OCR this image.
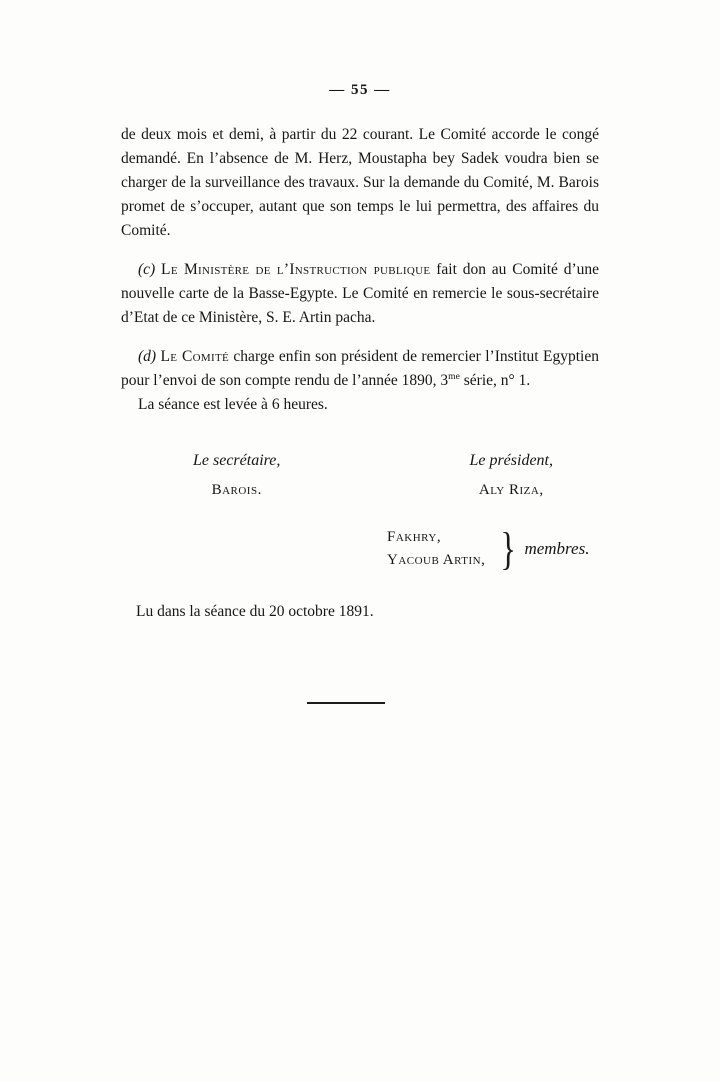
— 55 —

de deux mois et demi, à partir du 22 courant. Le Comité accorde le congé demandé. En l’absence de M. Herz, Moustapha bey Sadek voudra bien se charger de la surveillance des travaux. Sur la demande du Comité, M. Barois promet de s’occuper, autant que son temps le lui permettra, des affaires du Comité.

(c) Le Ministère de l’Instruction publique fait don au Comité d’une nouvelle carte de la Basse-Egypte. Le Comité en remercie le sous-secrétaire d’Etat de ce Ministère, S. E. Artin pacha.

(d) Le Comité charge enfin son président de remercier l’Institut Egyptien pour l’envoi de son compte rendu de l’année 1890, $3^{me}$ série, n° 1.

La séance est levée à 6 heures.

Le secrétaire,
Barois.
Le président,
Aly Riza,
Fakhry,
Yacoub Artin, } membres.
Lu dans la séance du 20 octobre 1891.
